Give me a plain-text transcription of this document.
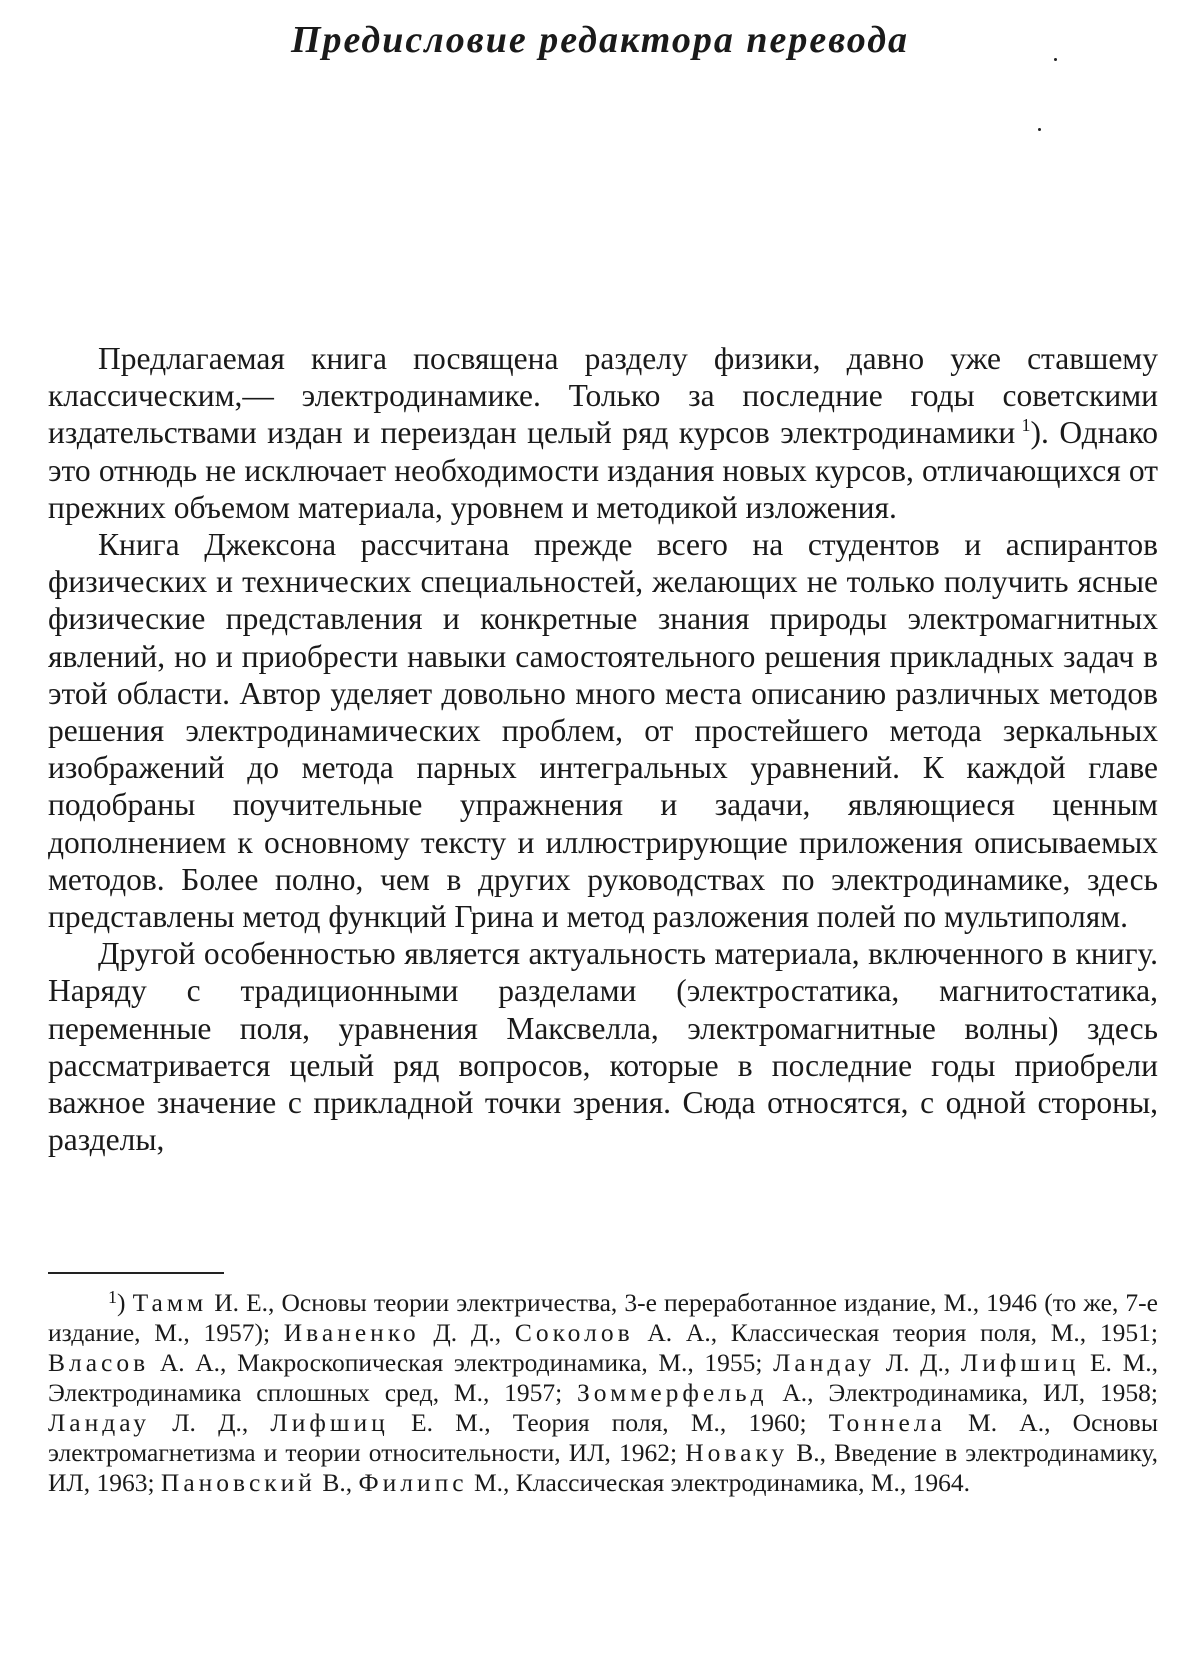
Предисловие редактора перевода

Предлагаемая книга посвящена разделу физики, давно уже ставшему классическим,— электродинамике. Только за последние годы советскими издательствами издан и переиздан целый ряд курсов электродинамики  $^1$). Однако это отнюдь не исключает необходимости издания новых курсов, отличающихся от прежних объемом материала, уровнем и методикой изложения.

Книга Джексона рассчитана прежде всего на студентов и аспирантов физических и технических специальностей, желающих не только получить ясные физические представления и конкретные знания природы электромагнитных явлений, но и приобрести навыки самостоятельного решения прикладных задач в этой области. Автор уделяет довольно много места описанию различных методов решения электродинамических проблем, от простейшего метода зеркальных изображений до метода парных интегральных уравнений. К каждой главе подобраны поучительные упражнения и задачи, являющиеся ценным дополнением к основному тексту и иллюстрирующие приложения описываемых методов. Более полно, чем в других руководствах по электродинамике, здесь представлены метод функций Грина и метод разложения полей по мультиполям.

Другой особенностью является актуальность материала, включенного в книгу. Наряду с традиционными разделами (электростатика, магнитостатика, переменные поля, уравнения Максвелла, электромагнитные волны) здесь рассматривается целый ряд вопросов, которые в последние годы приобрели важное значение с прикладной точки зрения. Сюда относятся, с одной стороны, разделы,

$^1$) Тамм И. Е., Основы теории электричества, 3-е переработанное издание, М., 1946 (то же, 7-е издание, М., 1957); Иваненко Д. Д., Соколов А. А., Классическая теория поля, М., 1951; Власов А. А., Макроскопическая электродинамика, М., 1955; Ландау Л. Д., Лифшиц Е. М., Электродинамика сплошных сред, М., 1957; Зоммерфельд А., Электродинамика, ИЛ, 1958; Ландау Л. Д., Лифшиц Е. М., Теория поля, М., 1960; Тоннела М. А., Основы электромагнетизма и теории относительности, ИЛ, 1962; Новаку В., Введение в электродинамику, ИЛ, 1963; Пановский В., Филипс М., Классическая электродинамика, М., 1964.
